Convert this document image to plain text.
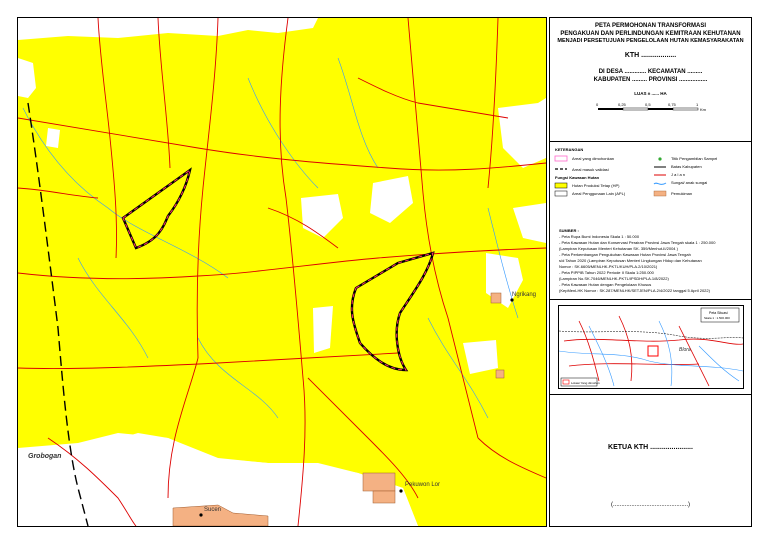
Grobogan
Ngrikang
Pekuwon Lor
Sucen
PETA PERMOHONAN TRANSFORMASI
PENGAKUAN DAN PERLINDUNGAN KEMITRAAN KEHUTANAN
MENJADI PERSETUJUAN PENGELOLAAN HUTAN KEMASYARAKATAN
KTH ..................
DI DESA ............. KECAMATAN .........
KABUPATEN ......... PROVINSI .................
LUAS ± ...... HA
0	0,25	0,5	0,75	1
Km
KETERANGAN
Areal yang dimohonkan
Areal masuk validasi
Fungsi Kawasan Hutan
Hutan Produksi Tetap (HP)
Areal Penggunaan Lain (APL)
Titik Pengambilan Sampel
Batas Kabupaten
J a l a n
Sungai/ anak sungai
Pemukiman
SUMBER :
- Peta Rupa Bumi Indonesia Skala 1 : 50.000
- Peta Kawasan Hutan dan Konservasi Perairan Provinsi Jawa Tengah skala 1 : 250.000
(Lampiran Keputusan Menteri Kehutanan SK. 359/Menhut-II/2004 )
- Peta Perkembangan Pengukuhan Kawasan Hutan Provinsi Jawa Tengah
s/d Tahun 2020 (Lampiran Keputusan Menteri Lingkungan Hidup dan Kehutanan
Nomor : SK.6605/MENLHK-PKTL/KUH/PLA.2/10/2021)
- Peta PIPPIB Tahun 2022 Periode II Skala 1:250.000
(Lampiran No.SK.7046/MENLHK-PKTL/IPSDH/PLA.1/8/2022)
- Peta Kawasan Hutan dengan Pengelolaan Khusus
(KepMenLHK Nomor : SK.287/MENLHK/SETJEN/PLA.2/4/2022 tanggal 5 April 2022)
Peta Situasi
Skala 1 : 1.500.000
Lokasi Yang dimohon
Blora
KETUA KTH ......................
(.............................................)
